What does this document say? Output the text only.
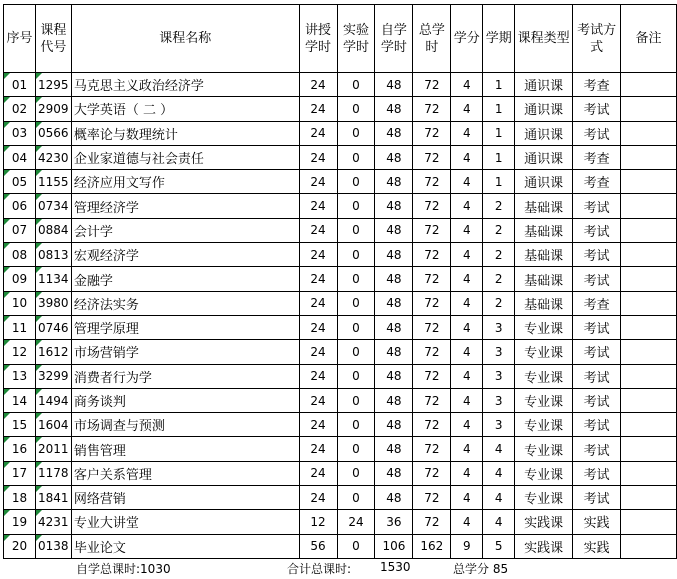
序号	课程代号	课程名称	讲授学时	实验学时	自学学时	总学时	学分	学期	课程类型	考试方式	备注
01	1295	马克思主义政治经济学	24	0	48	72	4	1	通识课	考查	
02	2909	大学英语（ 二 ）	24	0	48	72	4	1	通识课	考试	
03	0566	概率论与数理统计	24	0	48	72	4	1	通识课	考试	
04	4230	企业家道德与社会责任	24	0	48	72	4	1	通识课	考查	
05	1155	经济应用文写作	24	0	48	72	4	1	通识课	考查	
06	0734	管理经济学	24	0	48	72	4	2	基础课	考试	
07	0884	会计学	24	0	48	72	4	2	基础课	考试	
08	0813	宏观经济学	24	0	48	72	4	2	基础课	考试	
09	1134	金融学	24	0	48	72	4	2	基础课	考试	
10	3980	经济法实务	24	0	48	72	4	2	基础课	考查	
11	0746	管理学原理	24	0	48	72	4	3	专业课	考试	
12	1612	市场营销学	24	0	48	72	4	3	专业课	考试	
13	3299	消费者行为学	24	0	48	72	4	3	专业课	考试	
14	1494	商务谈判	24	0	48	72	4	3	专业课	考试	
15	1604	市场调查与预测	24	0	48	72	4	3	专业课	考试	
16	2011	销售管理	24	0	48	72	4	4	专业课	考试	
17	1178	客户关系管理	24	0	48	72	4	4	专业课	考试	
18	1841	网络营销	24	0	48	72	4	4	专业课	考试	
19	4231	专业大讲堂	12	24	36	72	4	4	实践课	实践	
20	0138	毕业论文	56	0	106	162	9	5	实践课	实践	
自学总课时:1030	合计总课时: 1530	总学分 85
